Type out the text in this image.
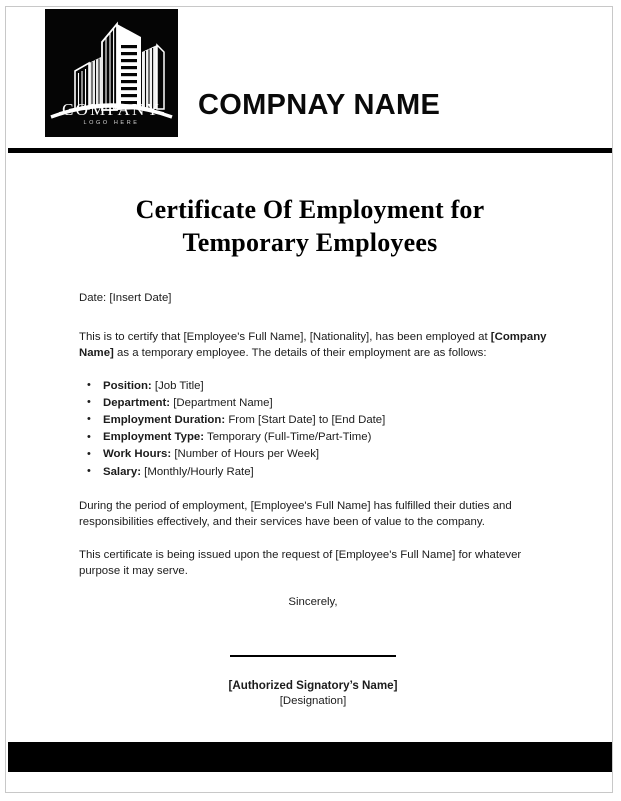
COMPANY
LOGO HERE
COMPNAY NAME
Certificate Of Employment for
Temporary Employees

Date: [Insert Date]

This is to certify that [Employee's Full Name], [Nationality], has been employed at [Company Name] as a temporary employee. The details of their employment are as follows:

• Position: [Job Title]
• Department: [Department Name]
• Employment Duration: From [Start Date] to [End Date]
• Employment Type: Temporary (Full-Time/Part-Time)
• Work Hours: [Number of Hours per Week]
• Salary: [Monthly/Hourly Rate]

During the period of employment, [Employee's Full Name] has fulfilled their duties and responsibilities effectively, and their services have been of value to the company.

This certificate is being issued upon the request of [Employee's Full Name] for whatever purpose it may serve.

Sincerely,
[Authorized Signatory’s Name]
[Designation]
